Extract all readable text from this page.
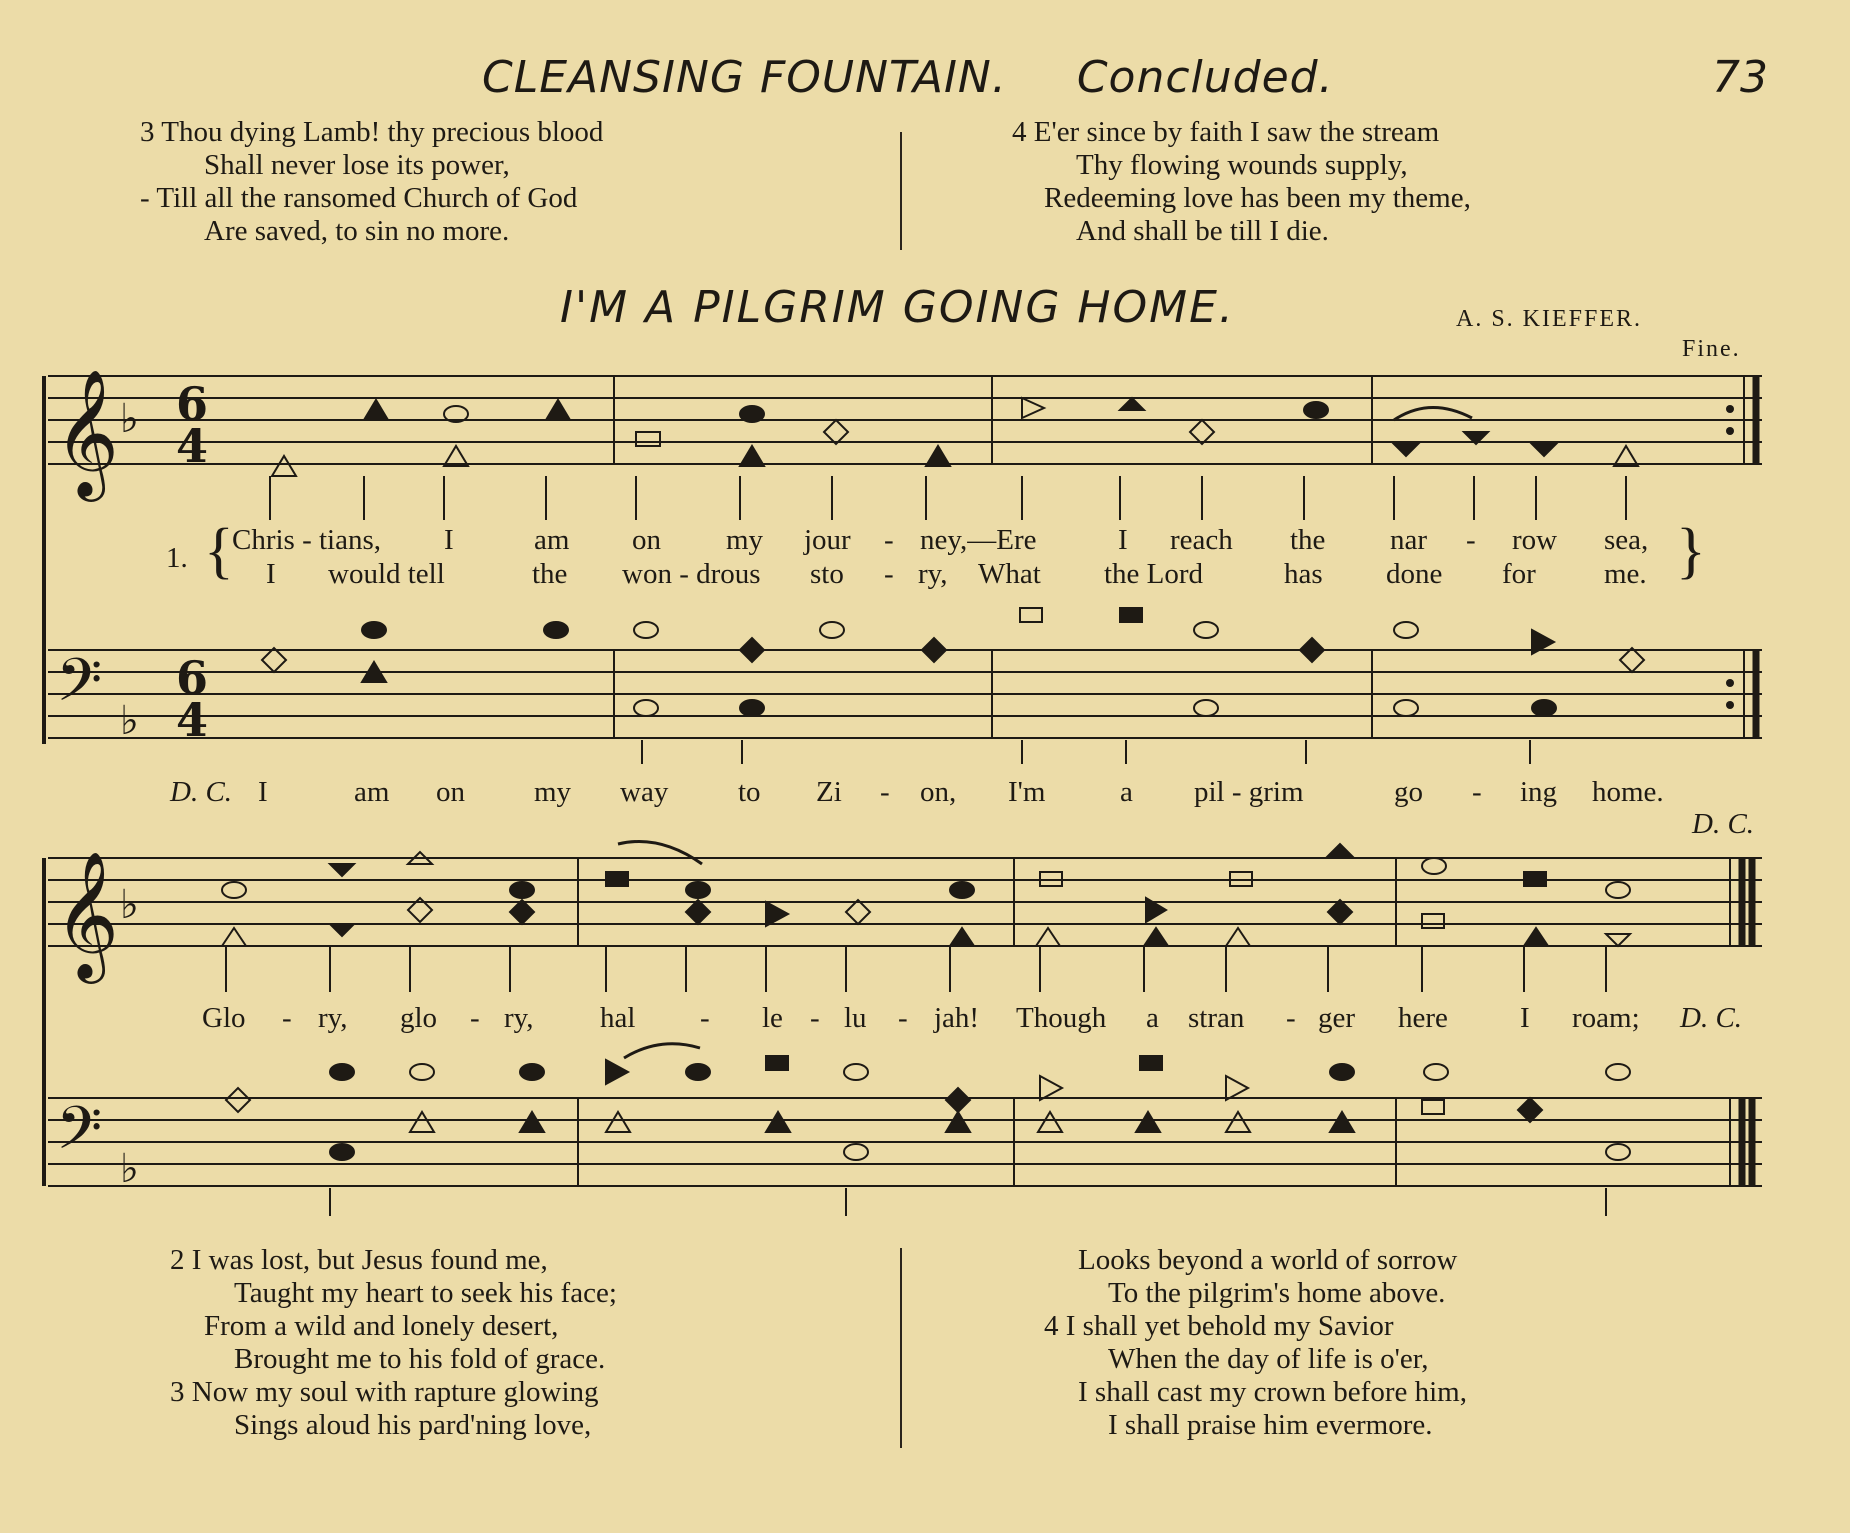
CLEANSING FOUNTAIN. Concluded.	73
3 Thou dying Lamb! thy precious blood
Shall never lose its power,
- Till all the ransomed Church of God
Are saved, to sin no more.
4 E'er since by faith I saw the stream
Thy flowing wounds supply,
Redeeming love has been my theme,
And shall be till I die.
I'M A PILGRIM GOING HOME.	A. S. KIEFFER.
Fine.
𝄞 ♭ 6
4
𝄢 ♭
6
4
𝄞 ♭
𝄢 ♭
1. {	}
Chris - tians, I	am on my jour - ney,—Ere	I reach the nar - row sea,
I would tell	the won - drous sto - ry, What the Lord	has done for me.
D. C. I	am on my way to Zi - on, I'm	a pil - grim	go - ing home.
D. C.
Glo - ry, glo - ry, hal - le - lu - jah! Though a stran - ger here I roam; D. C.
2 I was lost, but Jesus found me,
Taught my heart to seek his face;
From a wild and lonely desert,
Brought me to his fold of grace.
3 Now my soul with rapture glowing
Sings aloud his pard'ning love,
Looks beyond a world of sorrow
To the pilgrim's home above.
4 I shall yet behold my Savior
When the day of life is o'er,
I shall cast my crown before him,
I shall praise him evermore.
